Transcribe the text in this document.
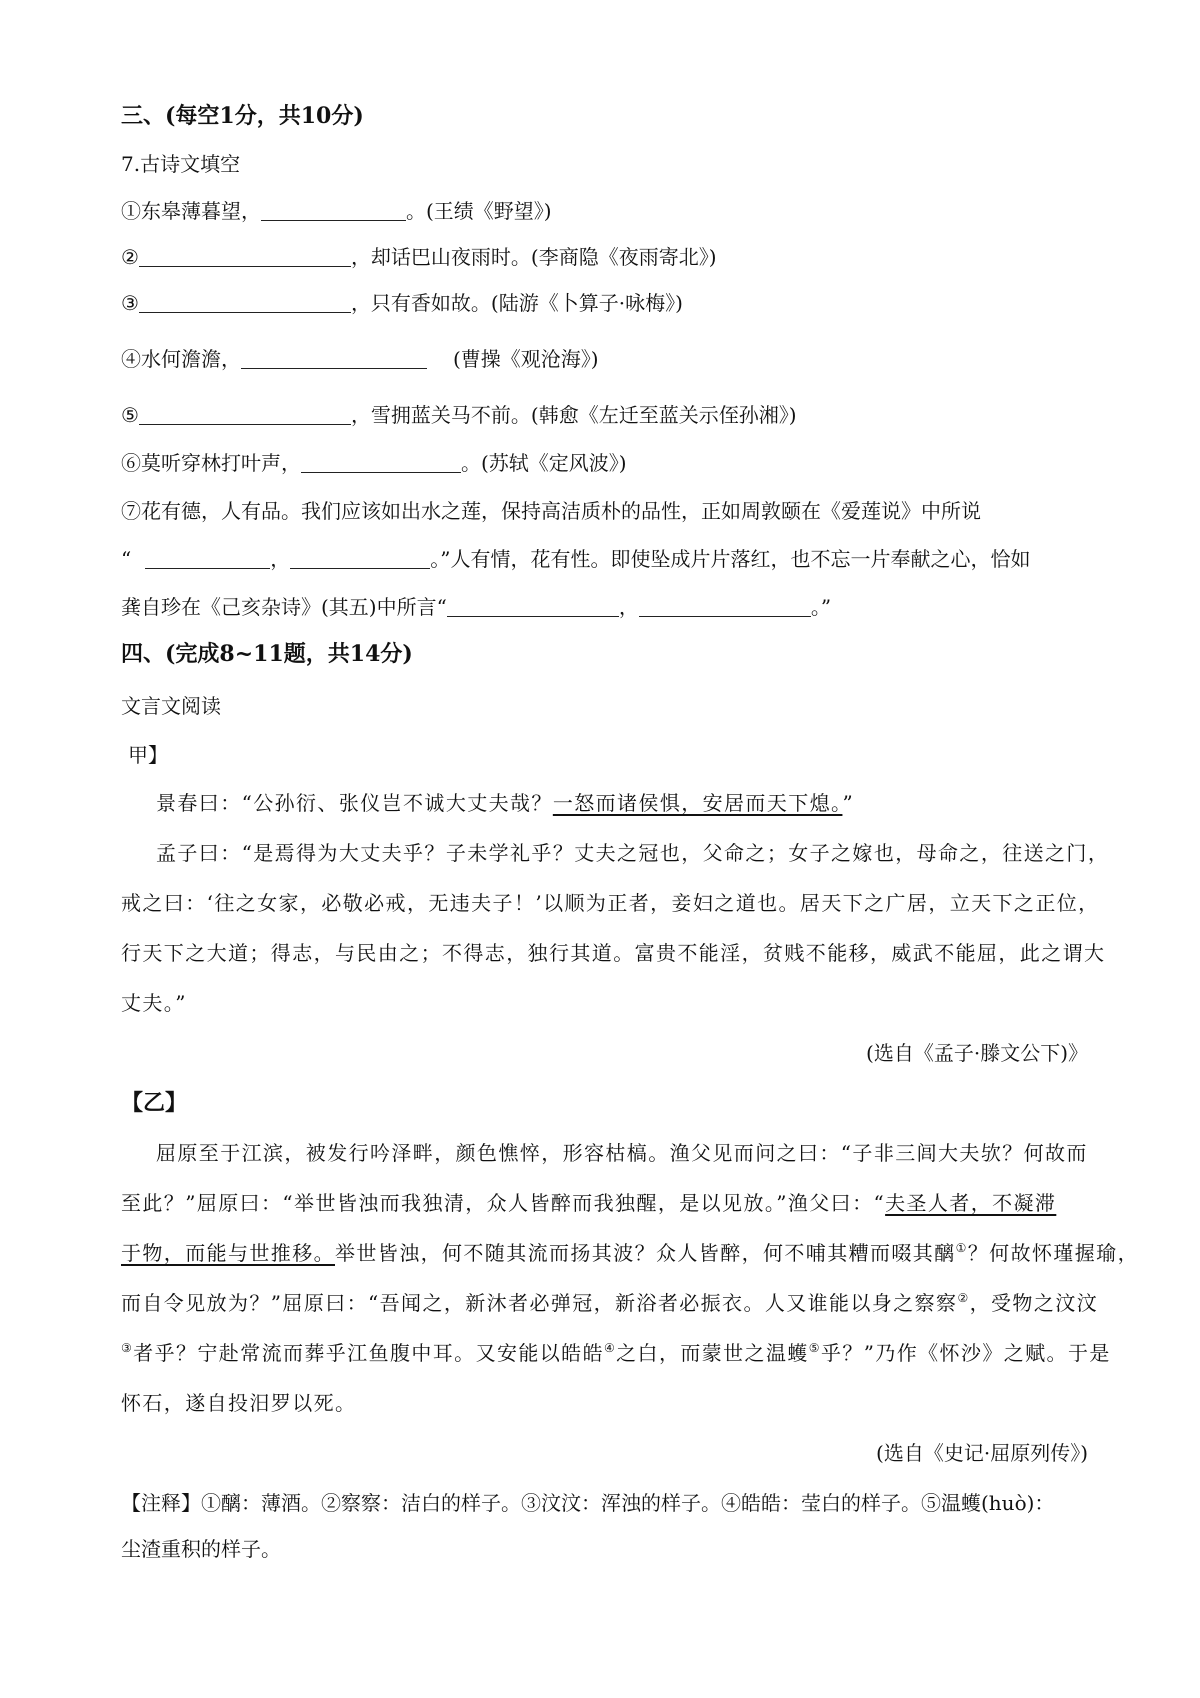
三、(每空1分，共10分)
7.古诗文填空
①东皋薄暮望，	。(王绩《野望》)
②	，却话巴山夜雨时。(李商隐《夜雨寄北》)
③	，只有香如故。(陆游《卜算子·咏梅》)
④水何澹澹，	(曹操《观沧海》)
⑤	，雪拥蓝关马不前。(韩愈《左迁至蓝关示侄孙湘》)
⑥莫听穿林打叶声，	。(苏轼《定风波》)
⑦花有德，人有品。我们应该如出水之莲，保持高洁质朴的品性，正如周敦颐在《爱莲说》中所说
“	，	。”人有情，花有性。即使坠成片片落红，也不忘一片奉献之心，恰如
龚自珍在《己亥杂诗》(其五)中所言“	，	。”
四、(完成8~11题，共14分)
文言文阅读
甲】
景春曰：“公孙衍、张仪岂不诚大丈夫哉？一怒而诸侯惧，安居而天下熄。”
孟子曰：“是焉得为大丈夫乎？子未学礼乎？丈夫之冠也，父命之；女子之嫁也，母命之，往送之门，
戒之曰：‘往之女家，必敬必戒，无违夫子！’以顺为正者，妾妇之道也。居天下之广居，立天下之正位，
行天下之大道；得志，与民由之；不得志，独行其道。富贵不能淫，贫贱不能移，威武不能屈，此之谓大
丈夫。”
(选自《孟子·滕文公下)》
【乙】
屈原至于江滨，被发行吟泽畔，颜色憔悴，形容枯槁。渔父见而问之曰：“子非三闾大夫欤？何故而
至此？”屈原曰：“举世皆浊而我独清，众人皆醉而我独醒，是以见放。”渔父曰：“夫圣人者，不凝滞
于物，而能与世推移。举世皆浊，何不随其流而扬其波？众人皆醉，何不哺其糟而啜其醨①？何故怀瑾握瑜，
而自令见放为？”屈原曰：“吾闻之，新沐者必弹冠，新浴者必振衣。人又谁能以身之察察②，受物之汶汶
③者乎？宁赴常流而葬乎江鱼腹中耳。又安能以皓皓④之白，而蒙世之温蠖⑤乎？”乃作《怀沙》之赋。于是
怀石，遂自投汨罗以死。
(选自《史记·屈原列传》)
【注释】①醨：薄酒。②察察：洁白的样子。③汶汶：浑浊的样子。④皓皓：莹白的样子。⑤温蠖(huò)：
尘渣重积的样子。
